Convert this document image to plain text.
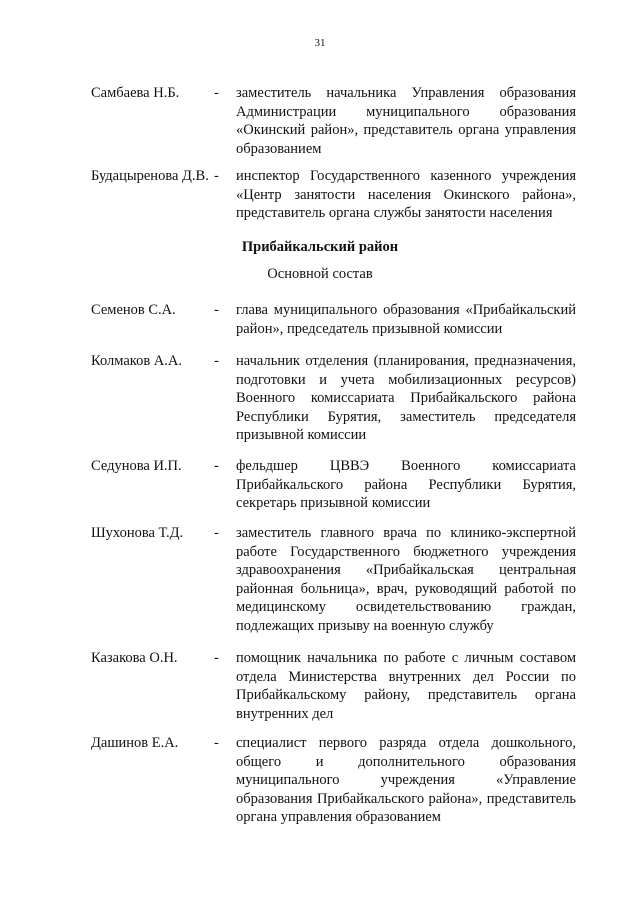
31
Самбаева Н.Б.	-	заместитель начальника Управления образования Администрации муниципального образования «Окинский район», представитель органа управления образованием
Будацыренова Д.В. -	инспектор Государственного казенного учреждения «Центр занятости населения Окинского района», представитель органа службы занятости населения
Прибайкальский район
Основной состав
Семенов С.А.	-	глава муниципального образования «Прибайкальский район», председатель призывной комиссии
Колмаков А.А.	-	начальник отделения (планирования, предназначения, подготовки и учета мобилизационных ресурсов) Военного комиссариата Прибайкальского района Республики Бурятия, заместитель председателя призывной комиссии
Седунова И.П.	-	фельдшер ЦВВЭ Военного комиссариата Прибайкальского района Республики Бурятия, секретарь призывной комиссии
Шухонова Т.Д.	-	заместитель главного врача по клинико-экспертной работе Государственного бюджетного учреждения здравоохранения «Прибайкальская центральная районная больница», врач, руководящий работой по медицинскому освидетельствованию граждан, подлежащих призыву на военную службу
Казакова О.Н.	-	помощник начальника по работе с личным составом отдела Министерства внутренних дел России по Прибайкальскому району, представитель органа внутренних дел
Дашинов Е.А.	-	специалист первого разряда отдела дошкольного, общего и дополнительного образования муниципального учреждения «Управление образования Прибайкальского района», представитель органа управления образованием
